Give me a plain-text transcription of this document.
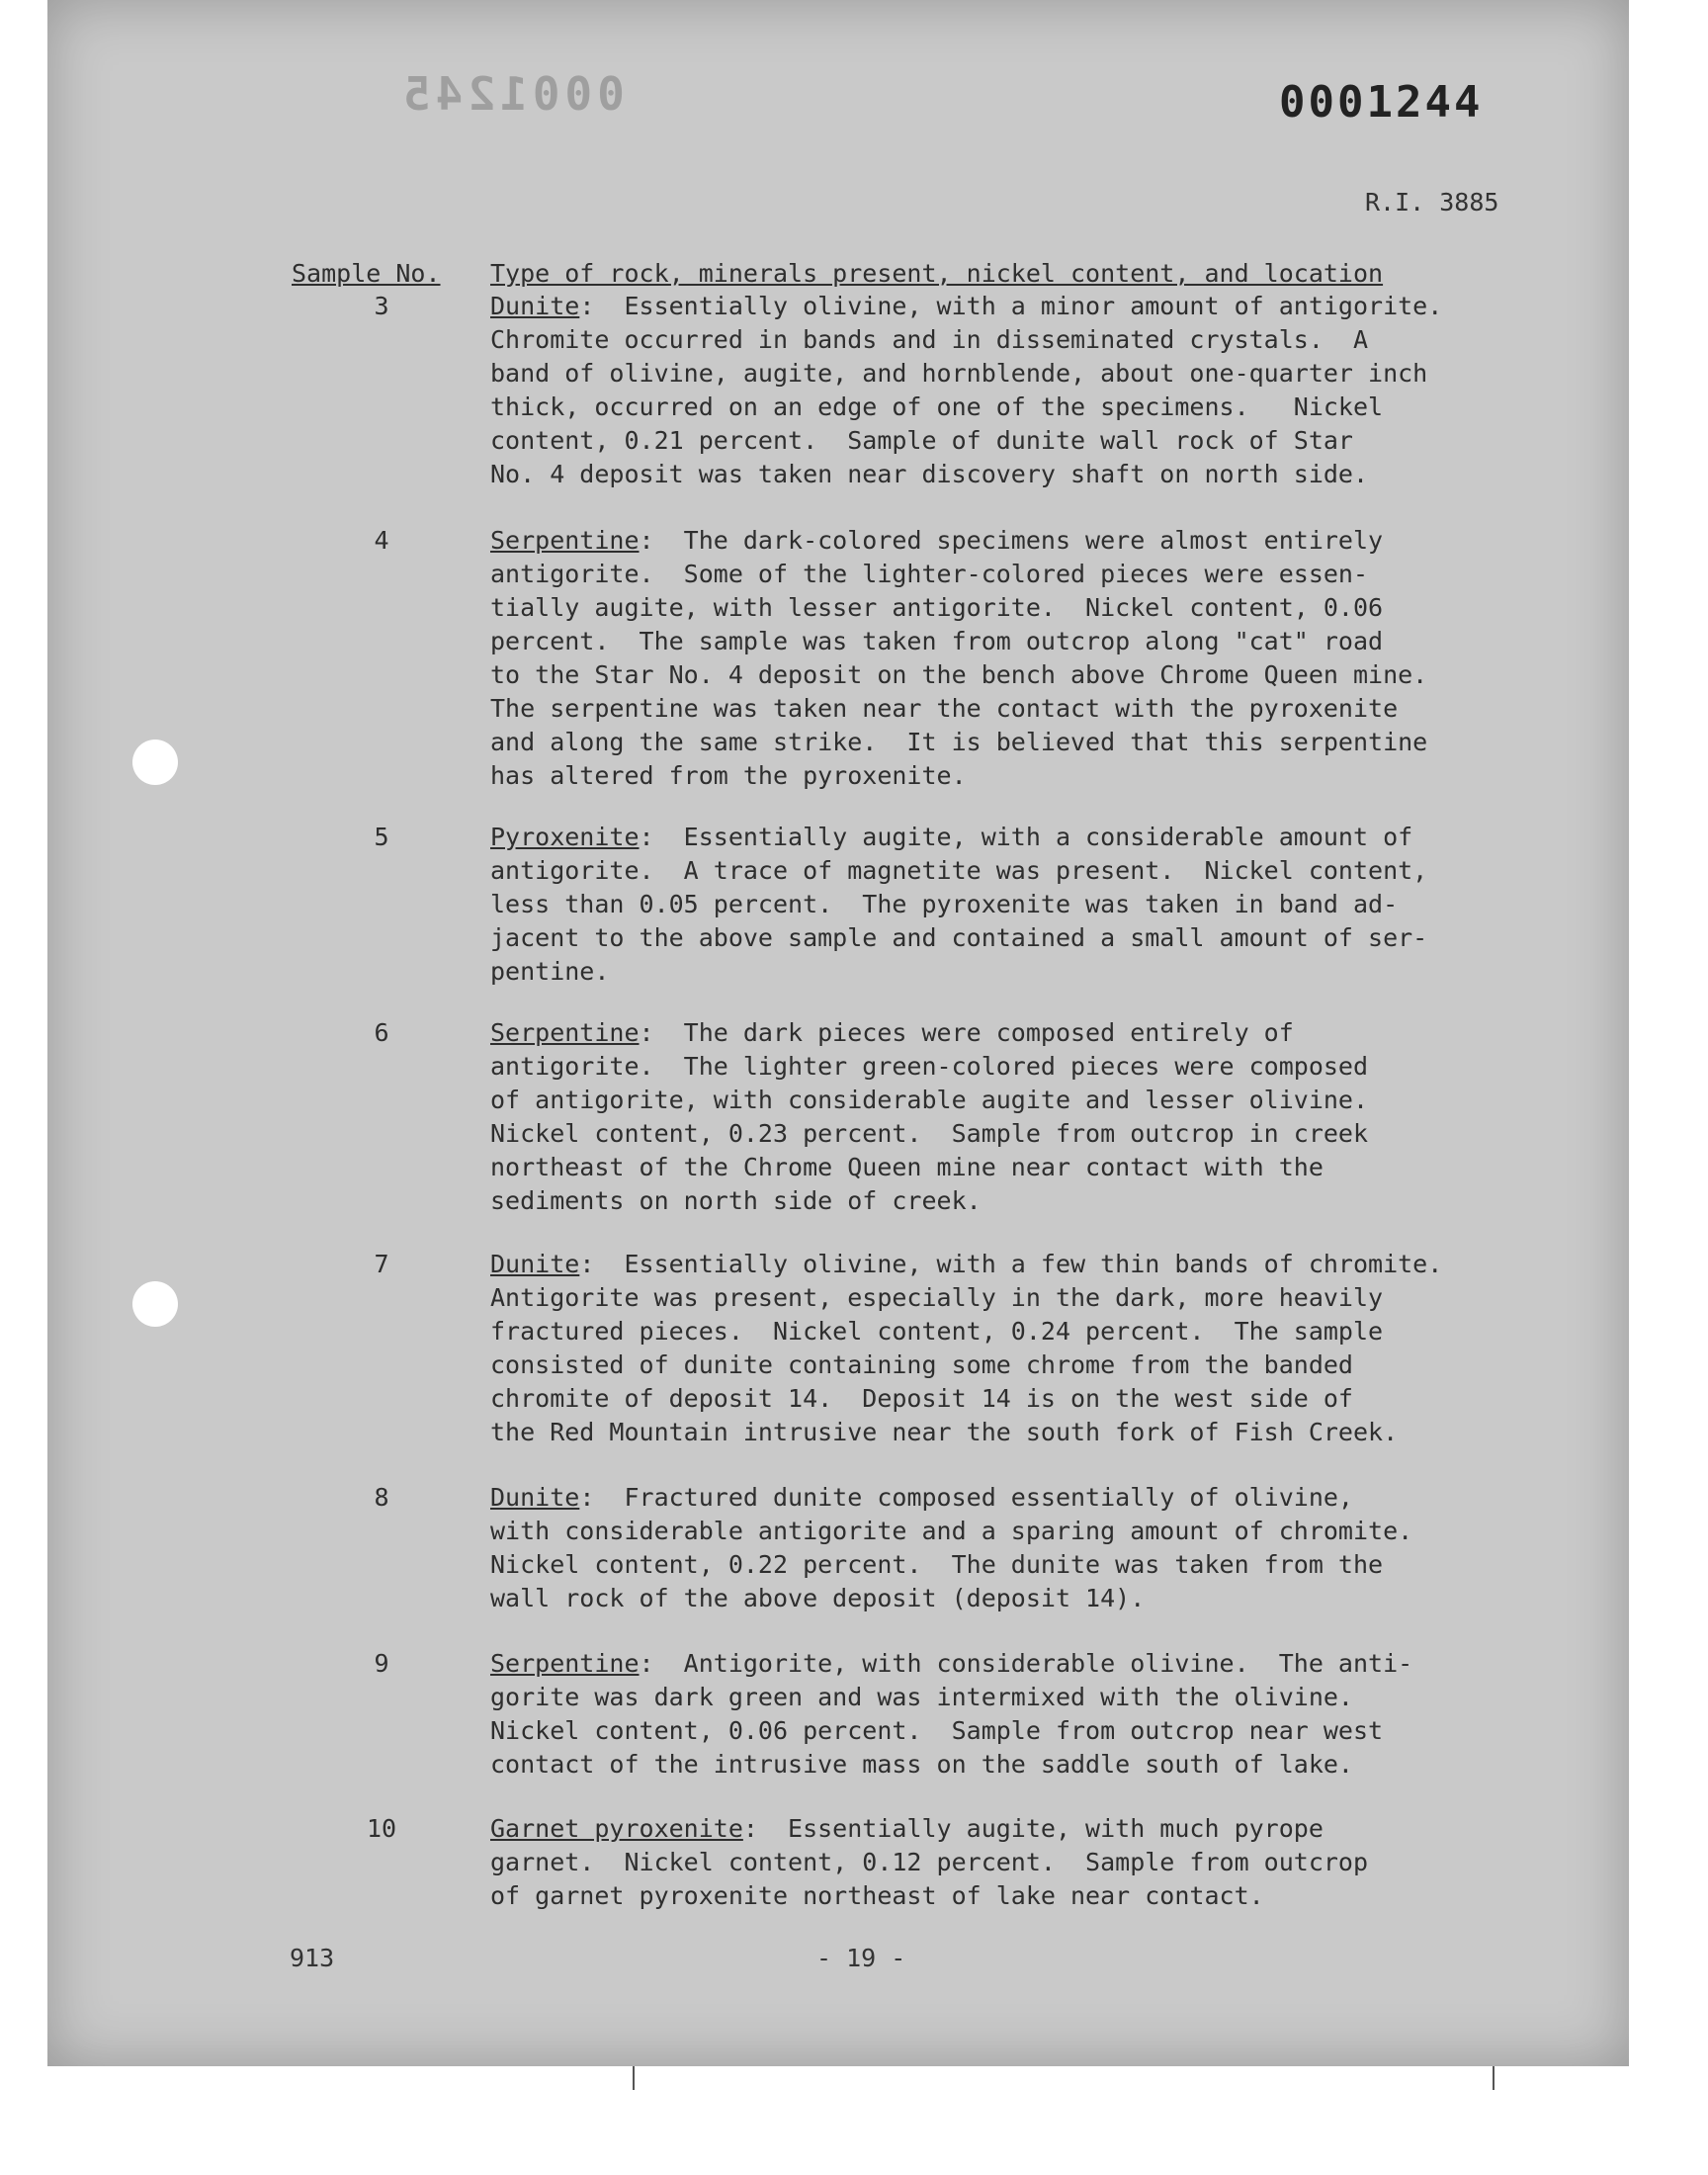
0001245	0001244
R.I. 3885
Sample No. Type of rock, minerals present, nickel content, and location
3	Dunite:  Essentially olivine, with a minor amount of antigorite.
Chromite occurred in bands and in disseminated crystals.  A
band of olivine, augite, and hornblende, about one-quarter inch
thick, occurred on an edge of one of the specimens.   Nickel
content, 0.21 percent.  Sample of dunite wall rock of Star
No. 4 deposit was taken near discovery shaft on north side.
4	Serpentine:  The dark-colored specimens were almost entirely
antigorite.  Some of the lighter-colored pieces were essen-
tially augite, with lesser antigorite.  Nickel content, 0.06
percent.  The sample was taken from outcrop along "cat" road
to the Star No. 4 deposit on the bench above Chrome Queen mine.
The serpentine was taken near the contact with the pyroxenite
and along the same strike.  It is believed that this serpentine
has altered from the pyroxenite.
5	Pyroxenite:  Essentially augite, with a considerable amount of
antigorite.  A trace of magnetite was present.  Nickel content,
less than 0.05 percent.  The pyroxenite was taken in band ad-
jacent to the above sample and contained a small amount of ser-
pentine.
6	Serpentine:  The dark pieces were composed entirely of
antigorite.  The lighter green-colored pieces were composed
of antigorite, with considerable augite and lesser olivine.
Nickel content, 0.23 percent.  Sample from outcrop in creek
northeast of the Chrome Queen mine near contact with the
sediments on north side of creek.
7	Dunite:  Essentially olivine, with a few thin bands of chromite.
Antigorite was present, especially in the dark, more heavily
fractured pieces.  Nickel content, 0.24 percent.  The sample
consisted of dunite containing some chrome from the banded
chromite of deposit 14.  Deposit 14 is on the west side of
the Red Mountain intrusive near the south fork of Fish Creek.
8	Dunite:  Fractured dunite composed essentially of olivine,
with considerable antigorite and a sparing amount of chromite.
Nickel content, 0.22 percent.  The dunite was taken from the
wall rock of the above deposit (deposit 14).
9	Serpentine:  Antigorite, with considerable olivine.  The anti-
gorite was dark green and was intermixed with the olivine.
Nickel content, 0.06 percent.  Sample from outcrop near west
contact of the intrusive mass on the saddle south of lake.
10	Garnet pyroxenite:  Essentially augite, with much pyrope
garnet.  Nickel content, 0.12 percent.  Sample from outcrop
of garnet pyroxenite northeast of lake near contact.
913	- 19 -
